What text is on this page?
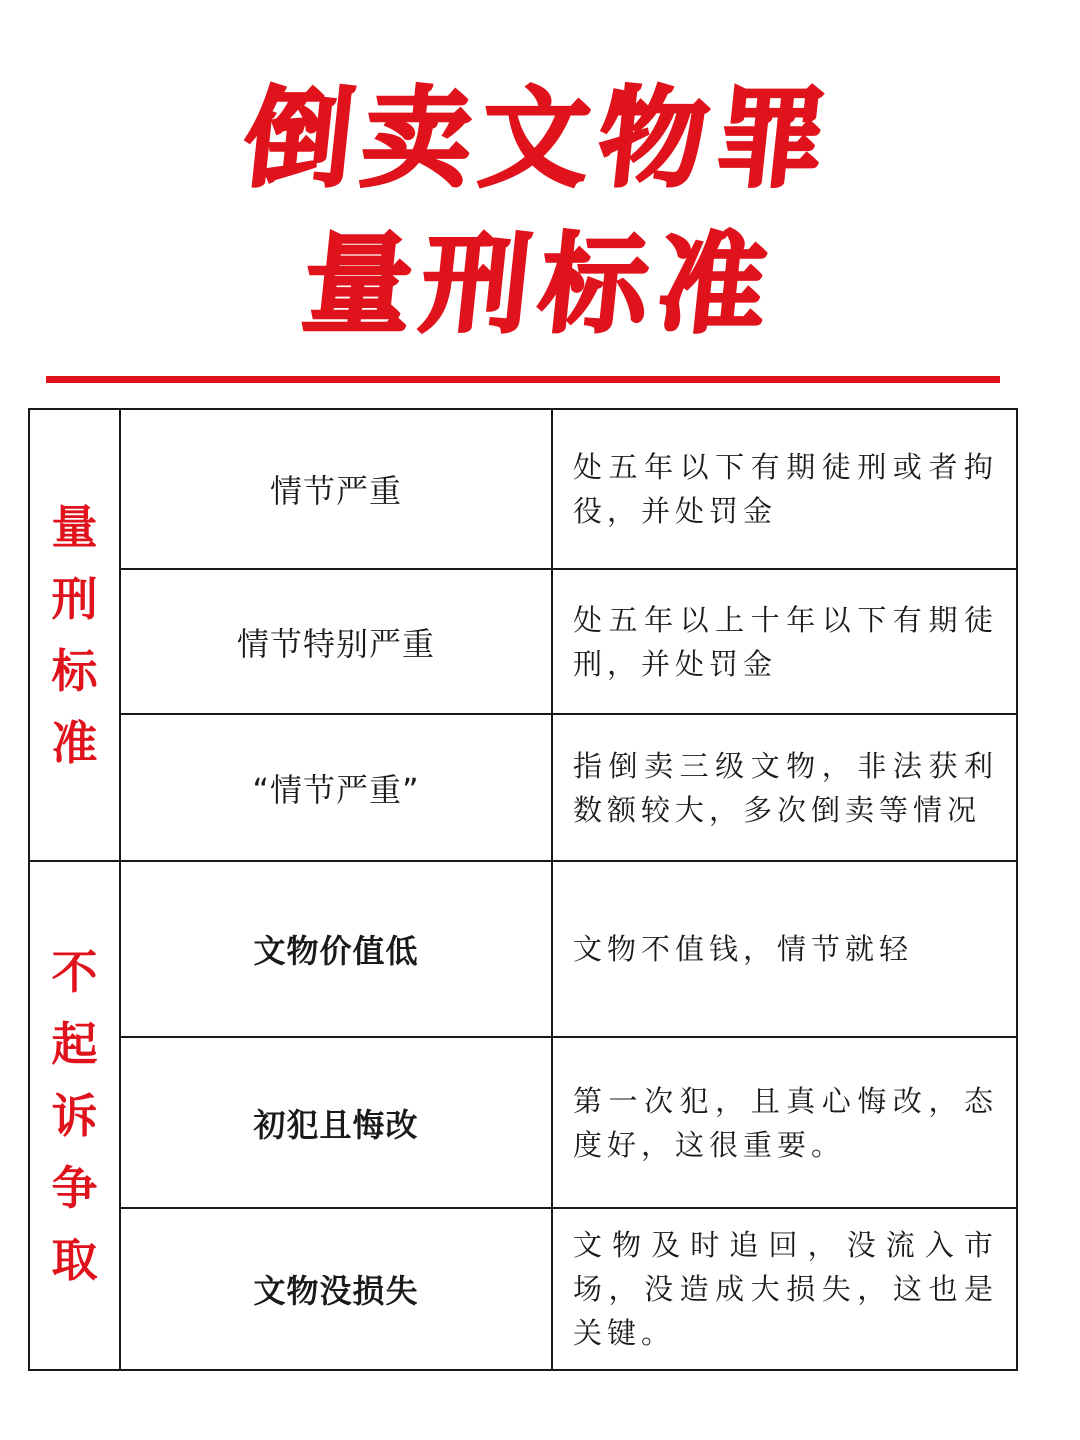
倒卖文物罪
量刑标准
量
刑
标
准
情节严重
处五年以下有期徒刑或者拘役，并处罚金
情节特别严重
处五年以上十年以下有期徒刑，并处罚金
“情节严重”
指倒卖三级文物，非法获利数额较大，多次倒卖等情况
不
起
诉
争
取
文物价值低	文物不值钱，情节就轻
初犯且悔改
第一次犯，且真心悔改，态度好，这很重要。
文物没损失
文物及时追回，没流入市场，没造成大损失，这也是关键。
